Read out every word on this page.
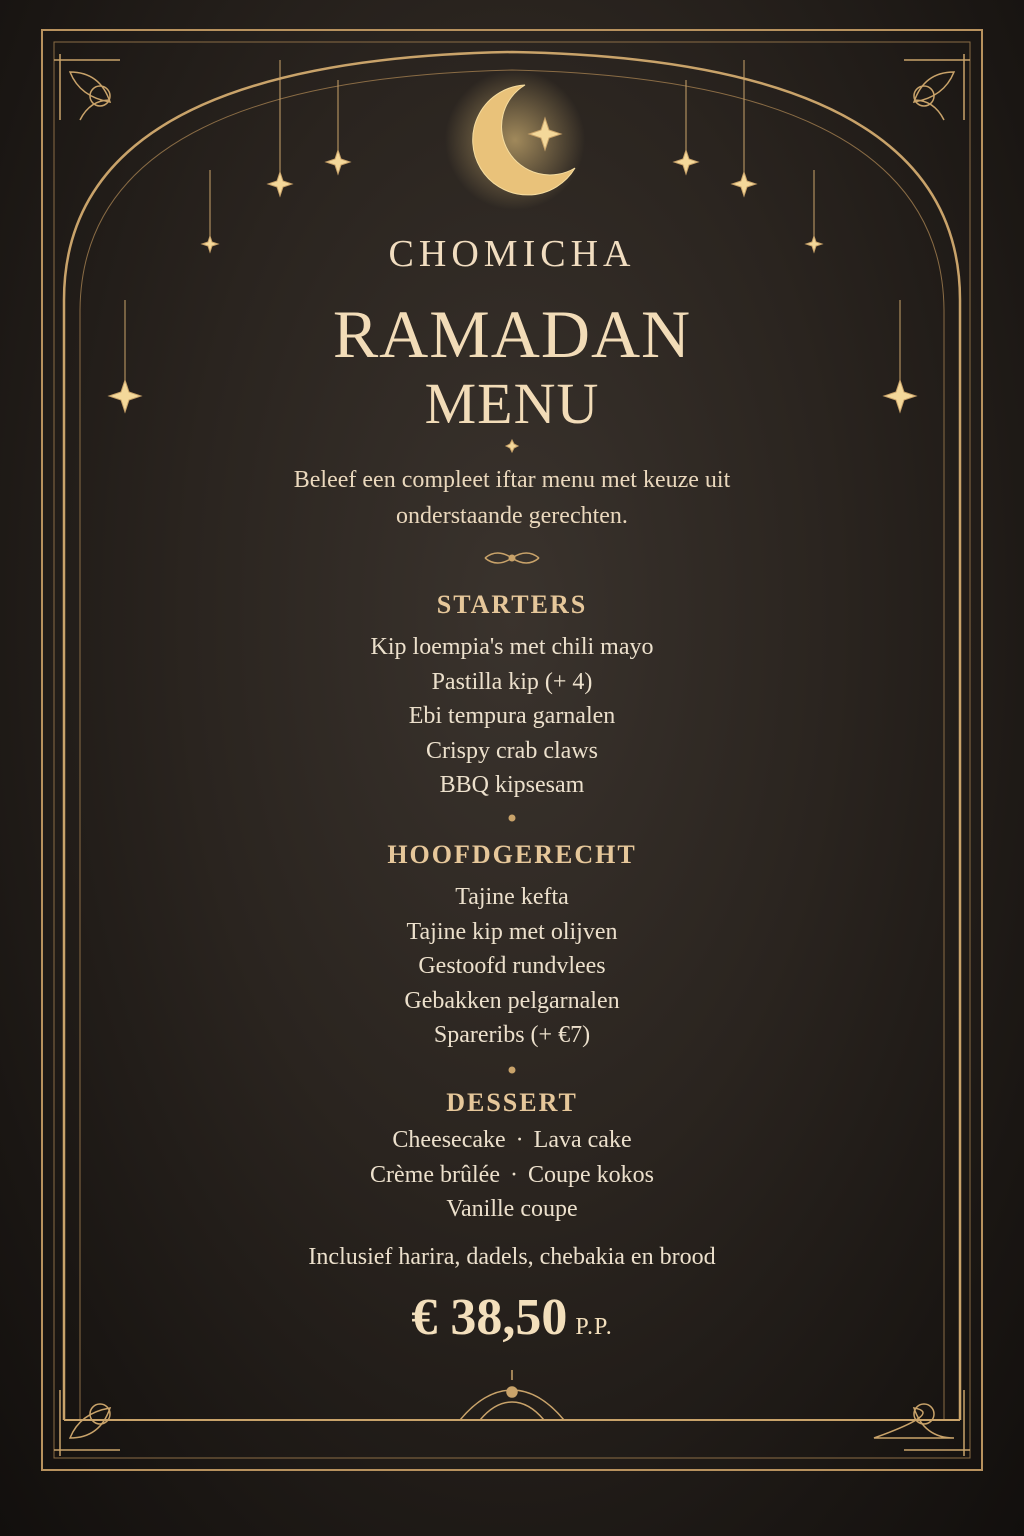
CHOMICHA
RAMADAN
MENU
Beleef een compleet iftar menu met keuze uit
onderstaande gerechten.
STARTERS
Kip loempia's met chili mayo
Pastilla kip (+ 4)
Ebi tempura garnalen
Crispy crab claws
BBQ kipsesam
HOOFDGERECHT
Tajine kefta
Tajine kip met olijven
Gestoofd rundvlees
Gebakken pelgarnalen
Spareribs (+ €7)
DESSERT
Cheesecake · Lava cake
Crème brûlée · Coupe kokos
Vanille coupe
Inclusief harira, dadels, chebakia en brood
€ 38,50 P.P.
